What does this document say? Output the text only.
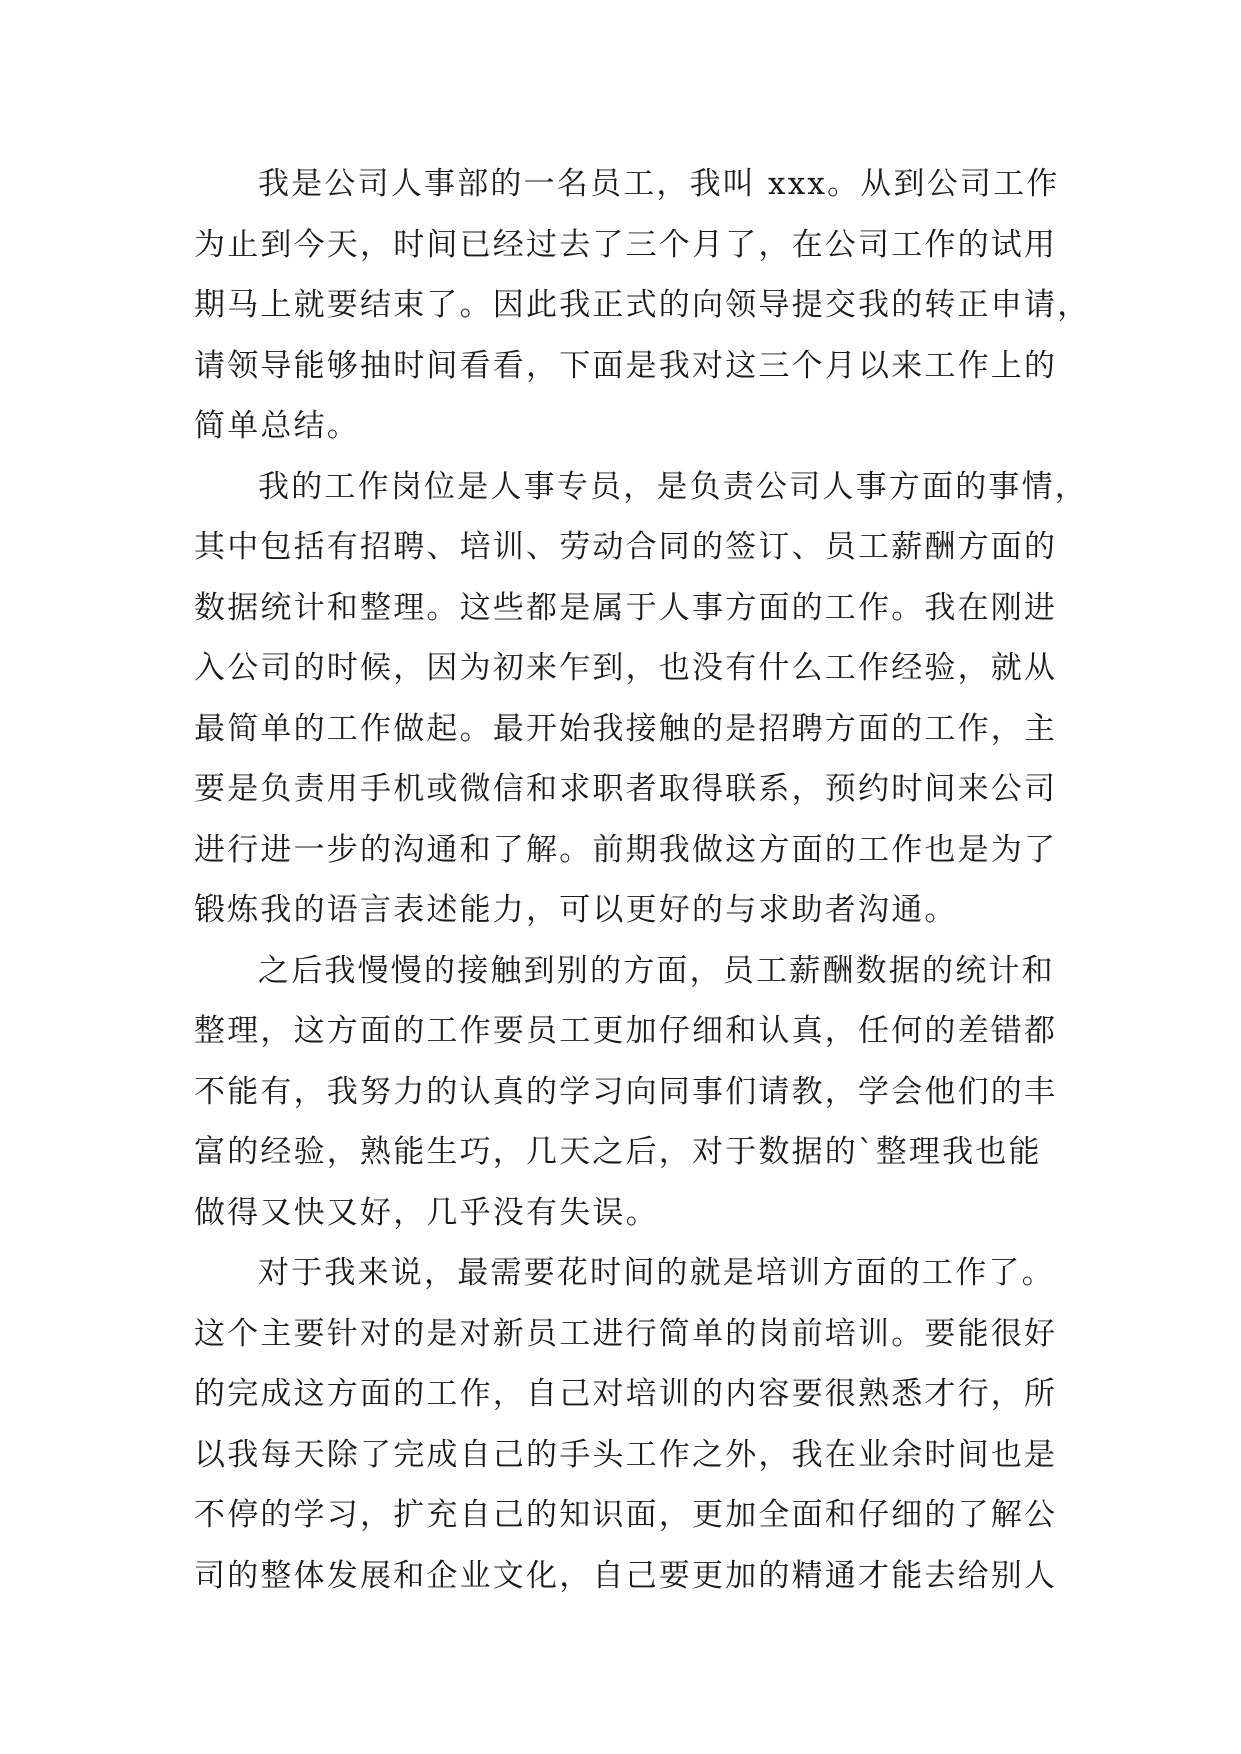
我是公司人事部的一名员工，我叫 xxx。从到公司工作
为止到今天，时间已经过去了三个月了，在公司工作的试用
期马上就要结束了。因此我正式的向领导提交我的转正申请，
请领导能够抽时间看看，下面是我对这三个月以来工作上的
简单总结。
我的工作岗位是人事专员，是负责公司人事方面的事情，
其中包括有招聘、培训、劳动合同的签订、员工薪酬方面的
数据统计和整理。这些都是属于人事方面的工作。我在刚进
入公司的时候，因为初来乍到，也没有什么工作经验，就从
最简单的工作做起。最开始我接触的是招聘方面的工作，主
要是负责用手机或微信和求职者取得联系，预约时间来公司
进行进一步的沟通和了解。前期我做这方面的工作也是为了
锻炼我的语言表述能力，可以更好的与求助者沟通。
之后我慢慢的接触到别的方面，员工薪酬数据的统计和
整理，这方面的工作要员工更加仔细和认真，任何的差错都
不能有，我努力的认真的学习向同事们请教，学会他们的丰
富的经验，熟能生巧，几天之后，对于数据的`整理我也能
做得又快又好，几乎没有失误。
对于我来说，最需要花时间的就是培训方面的工作了。
这个主要针对的是对新员工进行简单的岗前培训。要能很好
的完成这方面的工作，自己对培训的内容要很熟悉才行，所
以我每天除了完成自己的手头工作之外，我在业余时间也是
不停的学习，扩充自己的知识面，更加全面和仔细的了解公
司的整体发展和企业文化，自己要更加的精通才能去给别人
